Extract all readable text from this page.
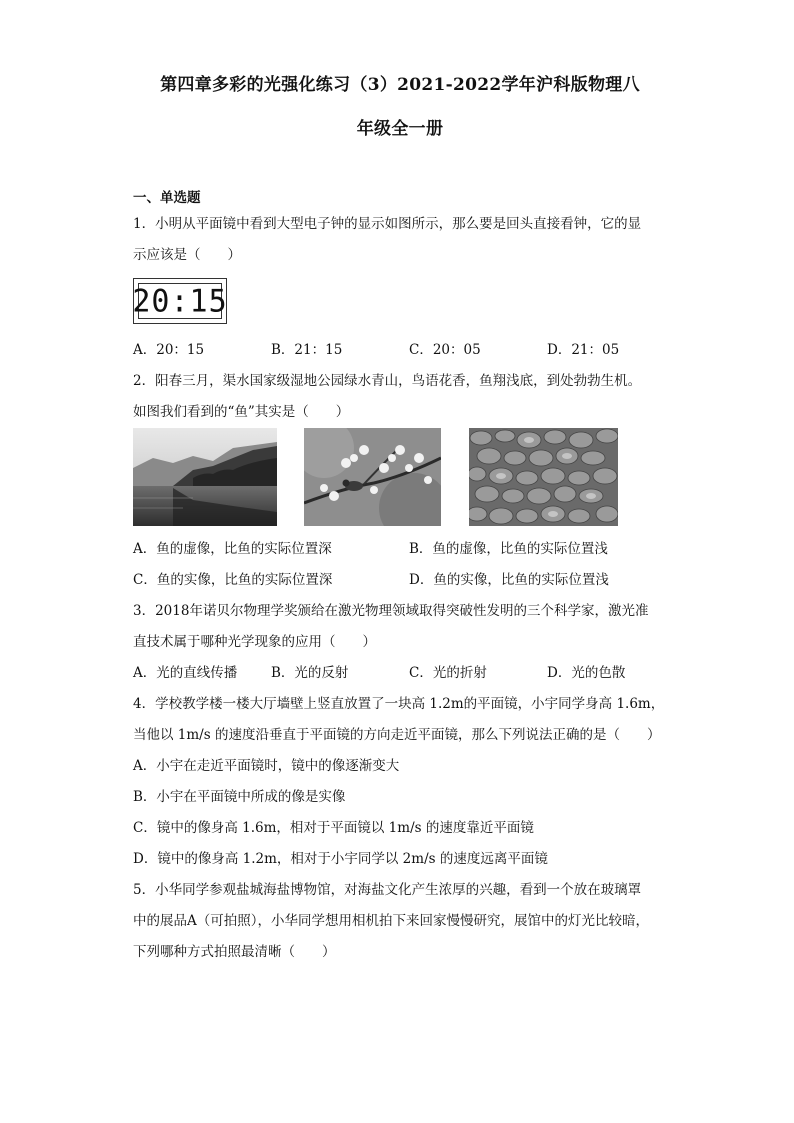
第四章多彩的光强化练习（3）2021-2022学年沪科版物理八
年级全一册
一、单选题
1．小明从平面镜中看到大型电子钟的显示如图所示，那么要是回头直接看钟，它的显
示应该是（　　）
20:15
A．20：15	B．21：15	C．20：05	D．21：05
2．阳春三月，渠水国家级湿地公园绿水青山，鸟语花香，鱼翔浅底，到处勃勃生机。
如图我们看到的“鱼”其实是（　　）
A．鱼的虚像，比鱼的实际位置深	B．鱼的虚像，比鱼的实际位置浅
C．鱼的实像，比鱼的实际位置深	D．鱼的实像，比鱼的实际位置浅
3．2018年诺贝尔物理学奖颁给在激光物理领域取得突破性发明的三个科学家，激光准
直技术属于哪种光学现象的应用（　　）
A．光的直线传播	B．光的反射	C．光的折射	D．光的色散
4．学校教学楼一楼大厅墙壁上竖直放置了一块高 1.2m的平面镜，小宇同学身高 1.6m，
当他以 1m/s 的速度沿垂直于平面镜的方向走近平面镜，那么下列说法正确的是（　　）
A．小宇在走近平面镜时，镜中的像逐渐变大
B．小宇在平面镜中所成的像是实像
C．镜中的像身高 1.6m，相对于平面镜以 1m/s 的速度靠近平面镜
D．镜中的像身高 1.2m，相对于小宇同学以 2m/s 的速度远离平面镜
5．小华同学参观盐城海盐博物馆，对海盐文化产生浓厚的兴趣，看到一个放在玻璃罩
中的展品A（可拍照），小华同学想用相机拍下来回家慢慢研究，展馆中的灯光比较暗，
下列哪种方式拍照最清晰（　　）
